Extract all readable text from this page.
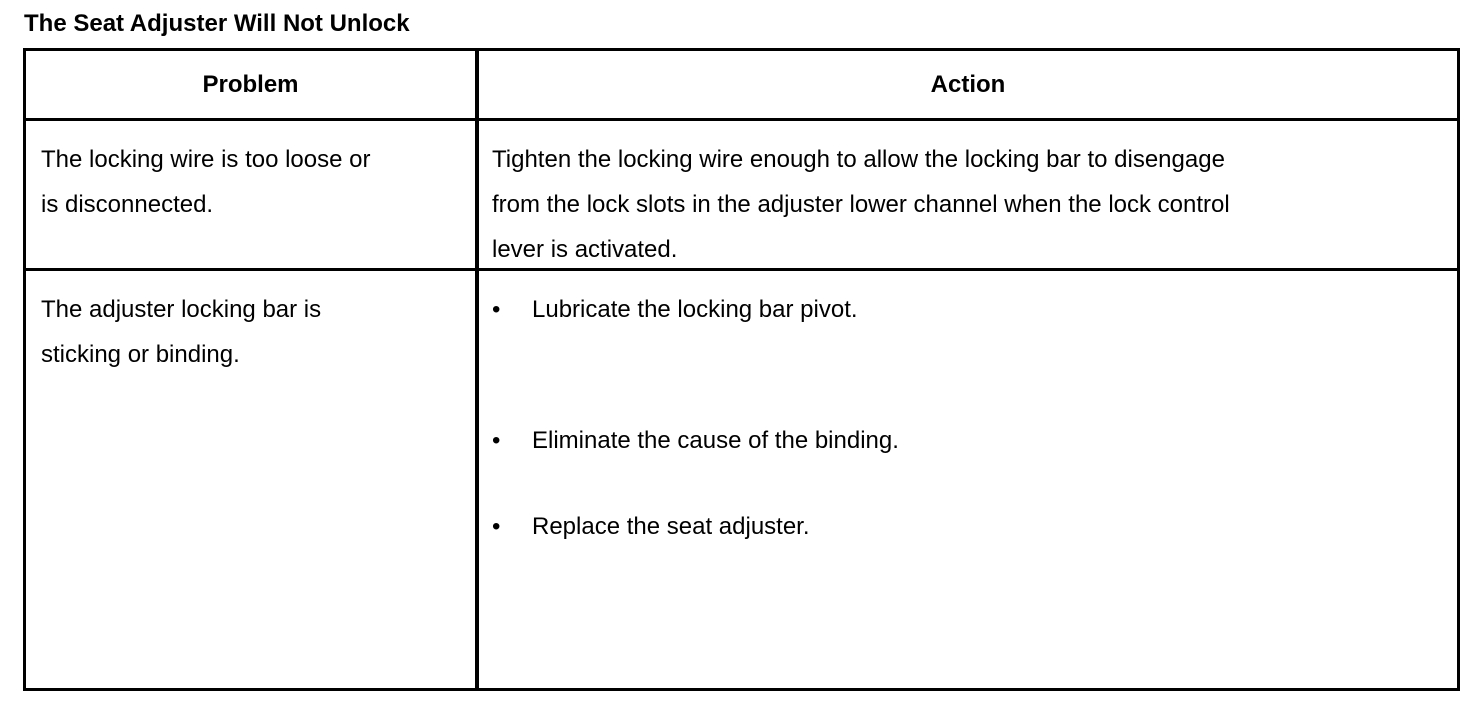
The Seat Adjuster Will Not Unlock
Problem	Action
The locking wire is too loose or
is disconnected.
Tighten the locking wire enough to allow the locking bar to disengage
from the lock slots in the adjuster lower channel when the lock control
lever is activated.
The adjuster locking bar is
sticking or binding.
• Lubricate the locking bar pivot.
• Eliminate the cause of the binding.
• Replace the seat adjuster.
